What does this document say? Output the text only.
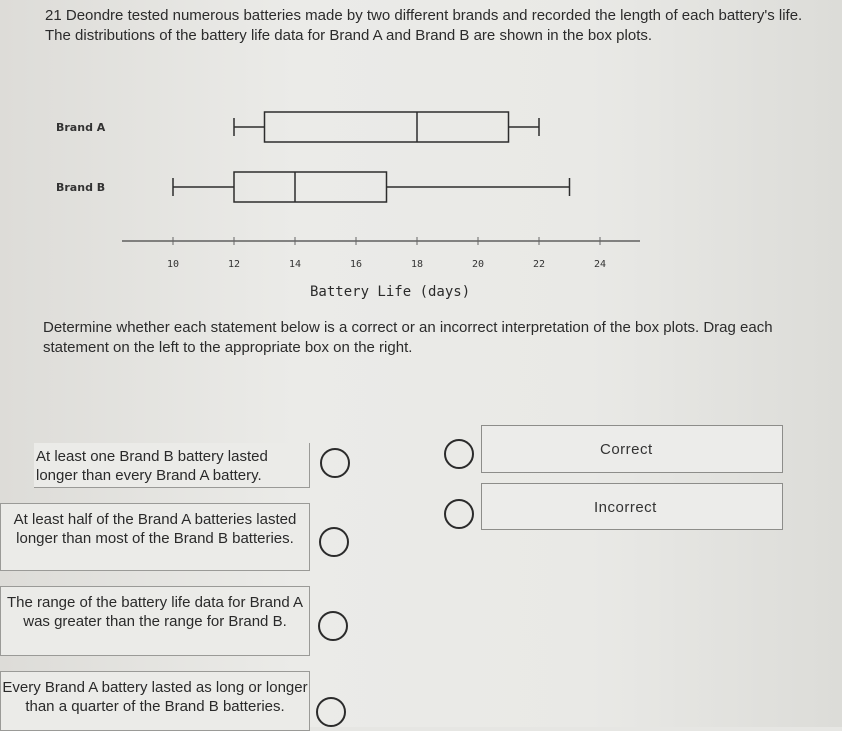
21 Deondre tested numerous batteries made by two different brands and recorded the length of each battery's life. The distributions of the battery life data for Brand A and Brand B are shown in the box plots.
Brand A
Brand B
10	12	14	16	18	20	22	24
Battery Life (days)
Determine whether each statement below is a correct or an incorrect interpretation of the box plots. Drag each statement on the left to the appropriate box on the right.
At least one Brand B battery lasted longer than every Brand A battery.
At least half of the Brand A batteries lasted longer than most of the Brand B batteries.
The range of the battery life data for Brand A was greater than the range for Brand B.
Every Brand A battery lasted as long or longer than a quarter of the Brand B batteries.
Correct
Incorrect
